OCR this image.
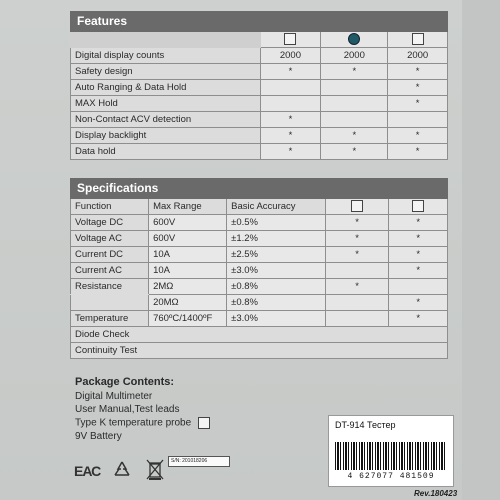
Features			

Digital display counts	2000	2000	2000
Safety design	*	*	*
Auto Ranging & Data Hold			*
MAX Hold			*
Non-Contact ACV detection	*		
Display backlight	*	*	*
Data hold	*	*	*
Specifications				
Function	Max Range	Basic Accuracy		
Voltage DC	600V	±0.5%	*	*
Voltage AC	600V	±1.2%	*	*
Current DC	10A	±2.5%	*	*
Current AC	10A	±3.0%		*
Resistance	2MΩ	±0.8%	*	
	20MΩ	±0.8%		*
Temperature	760ºC/1400ºF	±3.0%		*
Diode Check				
Continuity Test				
Package Contents:
Digital Multimeter
User Manual,Test leads
Type K temperature probe
9V Battery
ЕАС
S/N: 201018206
DT-914 Тестер
4 627077 481509
Rev.180423
